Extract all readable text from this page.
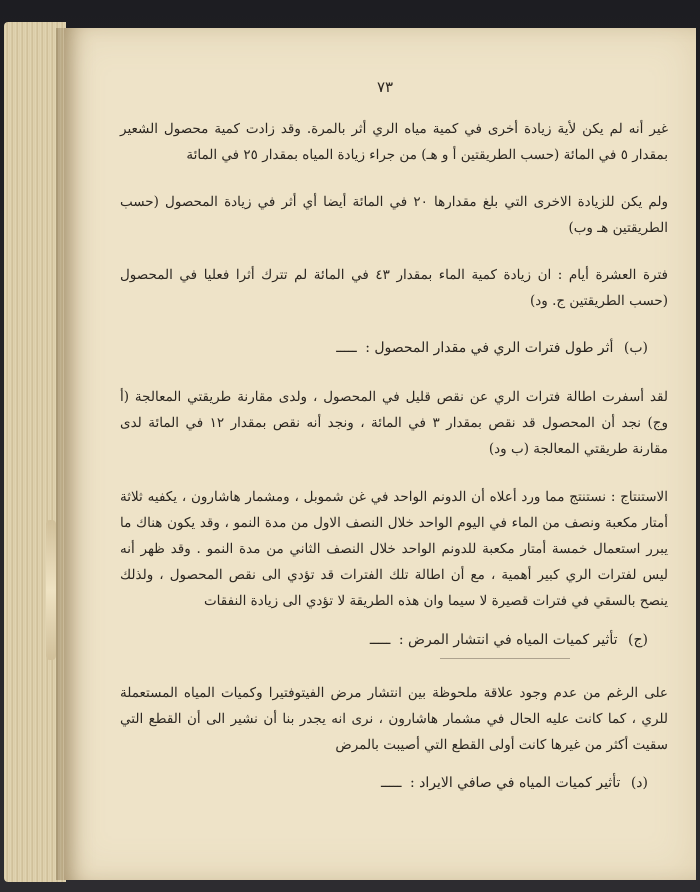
٧٣
غير أنه لم يكن لأية زيادة أخرى في كمية مياه الري أثر بالمرة. وقد زادت كمية محصول الشعير بمقدار ٥ في المائة (حسب الطريقتين أ و هـ) من جراء زيادة المياه بمقدار ٢٥ في المائة
ولم يكن للزيادة الاخرى التي بلغ مقدارها ٢٠ في المائة أيضا أي أثر في زيادة المحصول (حسب الطريقتين هـ وب)
فترة العشرة أيام : ان زيادة كمية الماء بمقدار ٤٣ في المائة لم تترك أثرا فعليا في المحصول (حسب الطريقتين ج. ود)
(ب) أثر طول فترات الري في مقدار المحصول : ـــــ
لقد أسفرت اطالة فترات الري عن نقص قليل في المحصول ، ولدى مقارنة طريقتي المعالجة (أ وج) نجد أن المحصول قد نقص بمقدار ٣ في المائة ، ونجد أنه نقص بمقدار ١٢ في المائة لدى مقارنة طريقتي المعالجة (ب ود)
الاستنتاج : نستنتج مما ورد أعلاه أن الدونم الواحد في غن شموبل ، ومشمار هاشارون ، يكفيه ثلاثة أمتار مكعبة ونصف من الماء في اليوم الواحد خلال النصف الاول من مدة النمو ، وقد يكون هناك ما يبرر استعمال خمسة أمتار مكعبة للدونم الواحد خلال النصف الثاني من مدة النمو . وقد ظهر أنه ليس لفترات الري كبير أهمية ، مع أن اطالة تلك الفترات قد تؤدي الى نقص المحصول ، ولذلك ينصح بالسقي في فترات قصيرة لا سيما وان هذه الطريقة لا تؤدي الى زيادة النفقات
(ج) تأثير كميات المياه في انتشار المرض : ـــــ
على الرغم من عدم وجود علاقة ملحوظة بين انتشار مرض الفيتوفتيرا وكميات المياه المستعملة للري ، كما كانت عليه الحال في مشمار هاشارون ، نرى انه يجدر بنا أن نشير الى أن القطع التي سقيت أكثر من غيرها كانت أولى القطع التي أصيبت بالمرض
(د) تأثير كميات المياه في صافي الايراد : ـــــ
